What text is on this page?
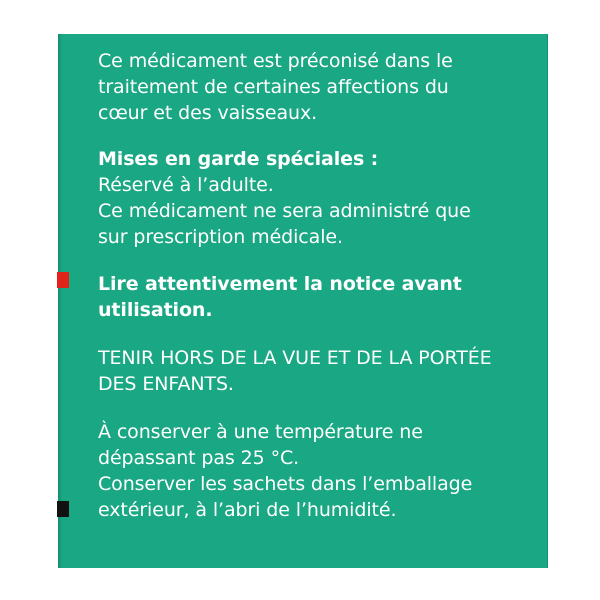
Ce médicament est préconisé dans le
traitement de certaines affections du
cœur et des vaisseaux.
Mises en garde spéciales :
Réservé à l’adulte.
Ce médicament ne sera administré que
sur prescription médicale.
Lire attentivement la notice avant
utilisation.
TENIR HORS DE LA VUE ET DE LA PORTÉE
DES ENFANTS.
À conserver à une température ne
dépassant pas 25 °C.
Conserver les sachets dans l’emballage
extérieur, à l’abri de l’humidité.
